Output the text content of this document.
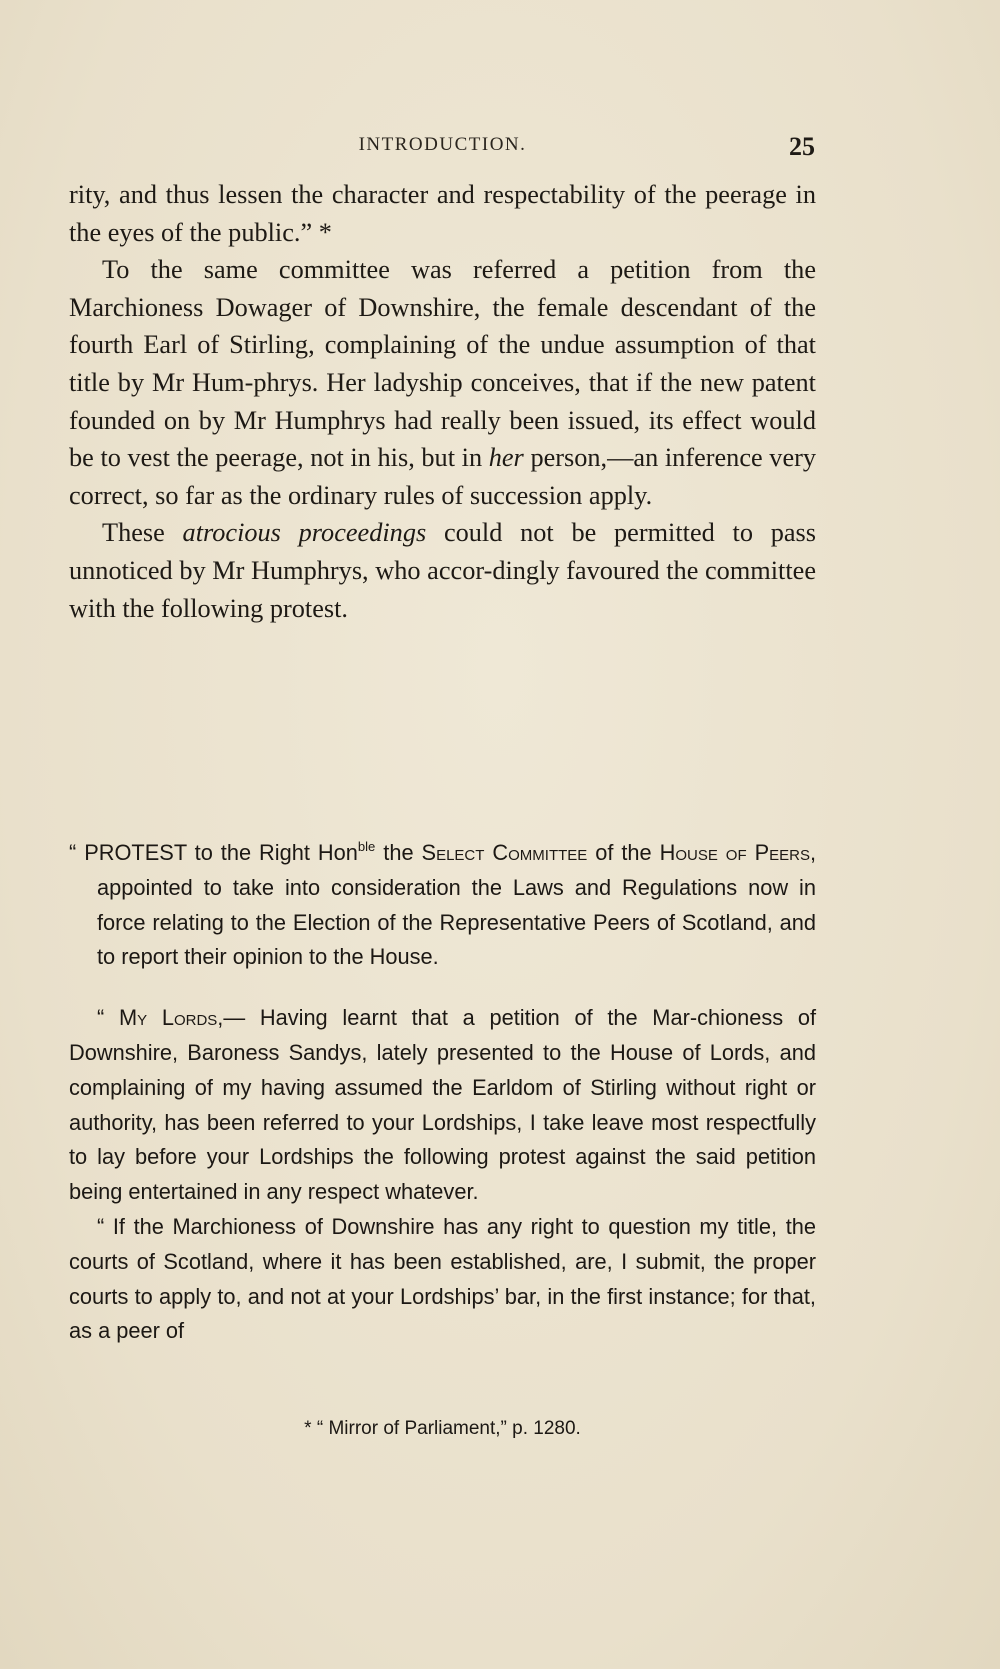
INTRODUCTION.	25

rity, and thus lessen the character and respectability of the peerage in the eyes of the public.” *

To the same committee was referred a petition from the Marchioness Dowager of Downshire, the female descendant of the fourth Earl of Stirling, complaining of the undue assumption of that title by Mr Hum-phrys. Her ladyship conceives, that if the new patent founded on by Mr Humphrys had really been issued, its effect would be to vest the peerage, not in his, but in her person,—an inference very correct, so far as the ordinary rules of succession apply.

These atrocious proceedings could not be permitted to pass unnoticed by Mr Humphrys, who accor-dingly favoured the committee with the following protest.

“ PROTEST to the Right Hon$^{ble}$ the Select Committee of the House of Peers, appointed to take into consideration the Laws and Regulations now in force relating to the Election of the Representative Peers of Scotland, and to report their opinion to the House.

“ My Lords,— Having learnt that a petition of the Mar-chioness of Downshire, Baroness Sandys, lately presented to the House of Lords, and complaining of my having assumed the Earldom of Stirling without right or authority, has been referred to your Lordships, I take leave most respectfully to lay before your Lordships the following protest against the said petition being entertained in any respect whatever.

“ If the Marchioness of Downshire has any right to question my title, the courts of Scotland, where it has been established, are, I submit, the proper courts to apply to, and not at your Lordships’ bar, in the first instance; for that, as a peer of

* “ Mirror of Parliament,” p. 1280.
